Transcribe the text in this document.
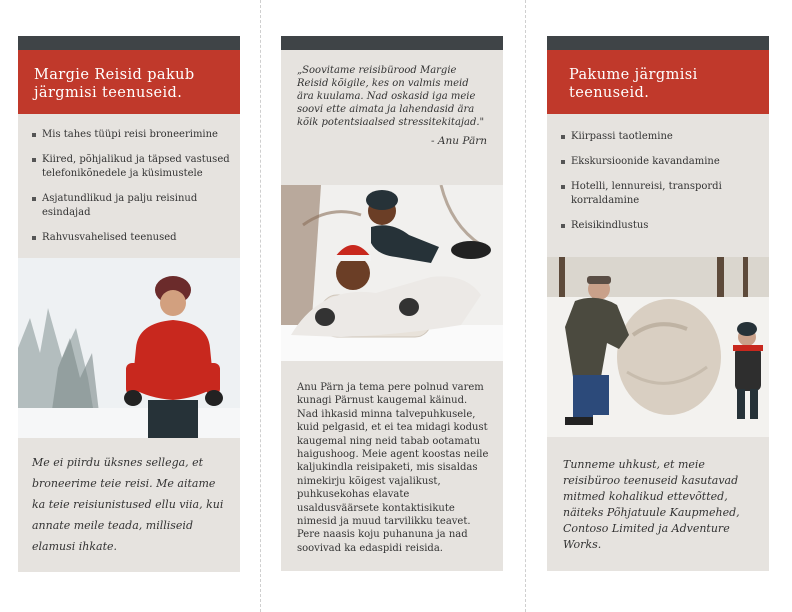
Margie Reisid pakub järgmisi teenuseid.
Mis tahes tüüpi reisi broneerimine
Kiired, põhjalikud ja täpsed vastused telefonikõnedele ja küsimustele
Asjatundlikud ja palju reisinud esindajad
Rahvusvahelised teenused
Me ei piirdu üksnes sellega, et broneerime teie reisi. Me aitame ka teie reisiunistused ellu viia, kui annate meile teada, milliseid elamusi ihkate.
„Soovitame reisibürood Margie Reisid kõigile, kes on valmis meid ära kuulama. Nad oskasid iga meie soovi ette aimata ja lahendasid ära kõik potentsiaalsed stressitekitajad."
- Anu Pärn
Anu Pärn ja tema pere polnud varem kunagi Pärnust kaugemal käinud. Nad ihkasid minna talvepuhkusele, kuid pelgasid, et ei tea midagi kodust kaugemal ning neid tabab ootamatu haigushoog. Meie agent koostas neile kaljukindla reisipaketi, mis sisaldas nimekirju kõigest vajalikust, puhkusekohas elavate usaldusväärsete kontaktisikute nimesid ja muud tarvilikku teavet. Pere naasis koju puhanuna ja nad soovivad ka edaspidi reisida.
Pakume järgmisi teenuseid.
Kiirpassi taotlemine
Ekskursioonide kavandamine
Hotelli, lennureisi, transpordi korraldamine
Reisikindlustus
Tunneme uhkust, et meie reisibüroo teenuseid kasutavad mitmed kohalikud ettevõtted, näiteks Põhjatuule Kaupmehed, Contoso Limited ja Adventure Works.
